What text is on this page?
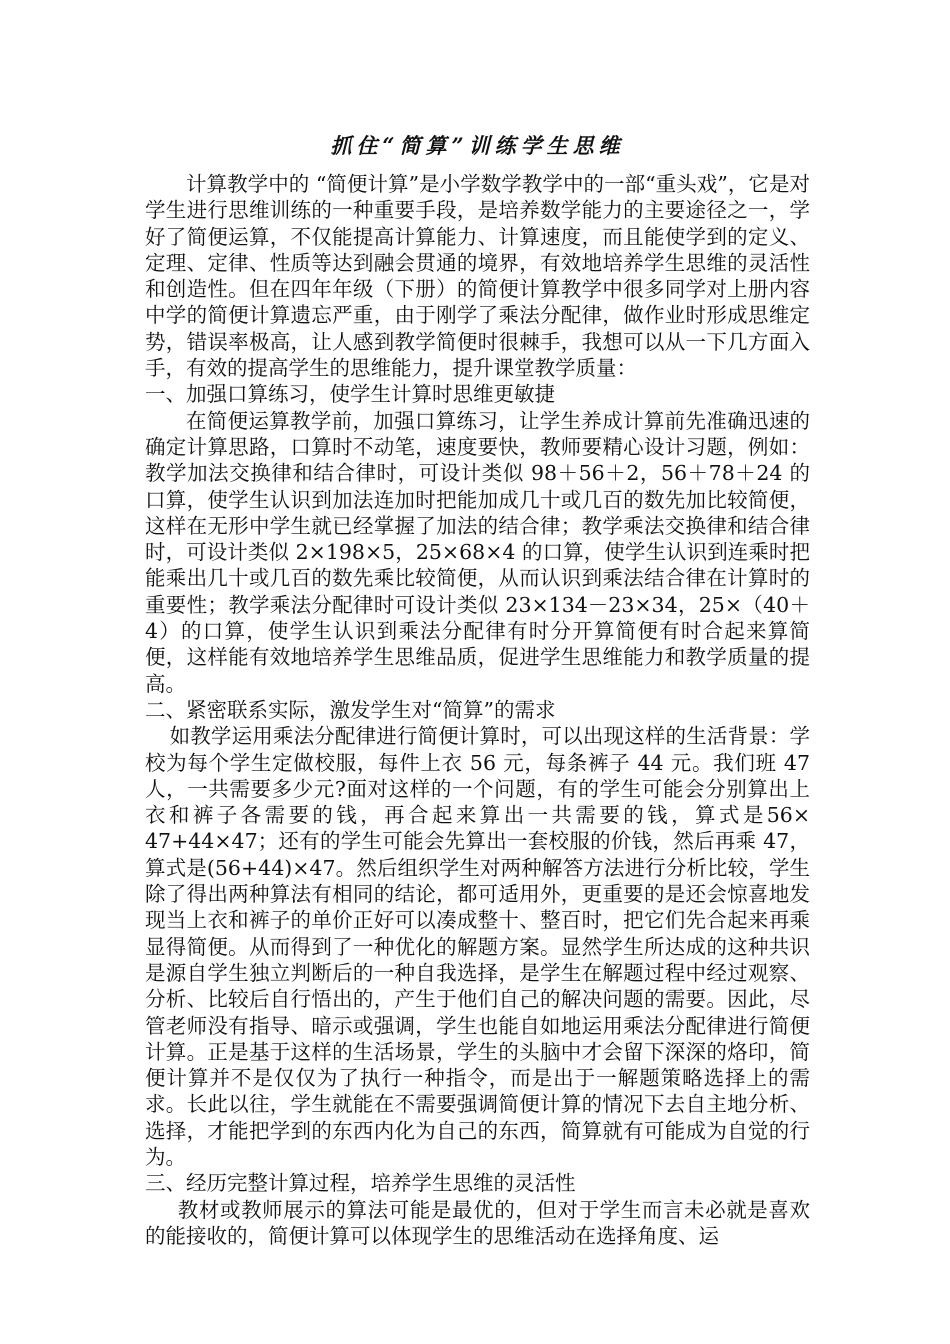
抓住“简算”训练学生思维

计算教学中的 “简便计算”是小学数学教学中的一部“重头戏”，它是对学生进行思维训练的一种重要手段，是培养数学能力的主要途径之一，学好了简便运算，不仅能提高计算能力、计算速度，而且能使学到的定义、定理、定律、性质等达到融会贯通的境界，有效地培养学生思维的灵活性和创造性。但在四年年级（下册）的简便计算教学中很多同学对上册内容中学的简便计算遗忘严重，由于刚学了乘法分配律，做作业时形成思维定势，错误率极高，让人感到教学简便时很棘手，我想可以从一下几方面入手，有效的提高学生的思维能力，提升课堂教学质量：

一、加强口算练习，使学生计算时思维更敏捷

在简便运算教学前，加强口算练习，让学生养成计算前先准确迅速的确定计算思路，口算时不动笔，速度要快，教师要精心设计习题，例如：教学加法交换律和结合律时，可设计类似 98＋56＋2，56＋78＋24 的口算，使学生认识到加法连加时把能加成几十或几百的数先加比较简便，这样在无形中学生就已经掌握了加法的结合律；教学乘法交换律和结合律时，可设计类似 2×198×5，25×68×4 的口算，使学生认识到连乘时把能乘出几十或几百的数先乘比较简便，从而认识到乘法结合律在计算时的重要性；教学乘法分配律时可设计类似 23×134－23×34，25×（40＋4）的口算，使学生认识到乘法分配律有时分开算简便有时合起来算简便，这样能有效地培养学生思维品质，促进学生思维能力和教学质量的提高。

二、紧密联系实际，激发学生对“简算”的需求

如教学运用乘法分配律进行简便计算时，可以出现这样的生活背景：学校为每个学生定做校服，每件上衣 56 元，每条裤子 44 元。我们班 47 人，一共需要多少元?面对这样的一个问题，有的学生可能会分别算出上衣和裤子各需要的钱，再合起来算出一共需要的钱，算式是56× 47+44×47；还有的学生可能会先算出一套校服的价钱，然后再乘 47，算式是(56+44)×47。然后组织学生对两种解答方法进行分析比较，学生除了得出两种算法有相同的结论，都可适用外，更重要的是还会惊喜地发现当上衣和裤子的单价正好可以凑成整十、整百时，把它们先合起来再乘显得简便。从而得到了一种优化的解题方案。显然学生所达成的这种共识是源自学生独立判断后的一种自我选择，是学生在解题过程中经过观察、分析、比较后自行悟出的，产生于他们自己的解决问题的需要。因此，尽管老师没有指导、暗示或强调，学生也能自如地运用乘法分配律进行简便计算。正是基于这样的生活场景，学生的头脑中才会留下深深的烙印，简便计算并不是仅仅为了执行一种指令，而是出于一解题策略选择上的需求。长此以往，学生就能在不需要强调简便计算的情况下去自主地分析、选择，才能把学到的东西内化为自己的东西，简算就有可能成为自觉的行为。

三、经历完整计算过程，培养学生思维的灵活性

教材或教师展示的算法可能是最优的，但对于学生而言未必就是喜欢的能接收的，简便计算可以体现学生的思维活动在选择角度、运
